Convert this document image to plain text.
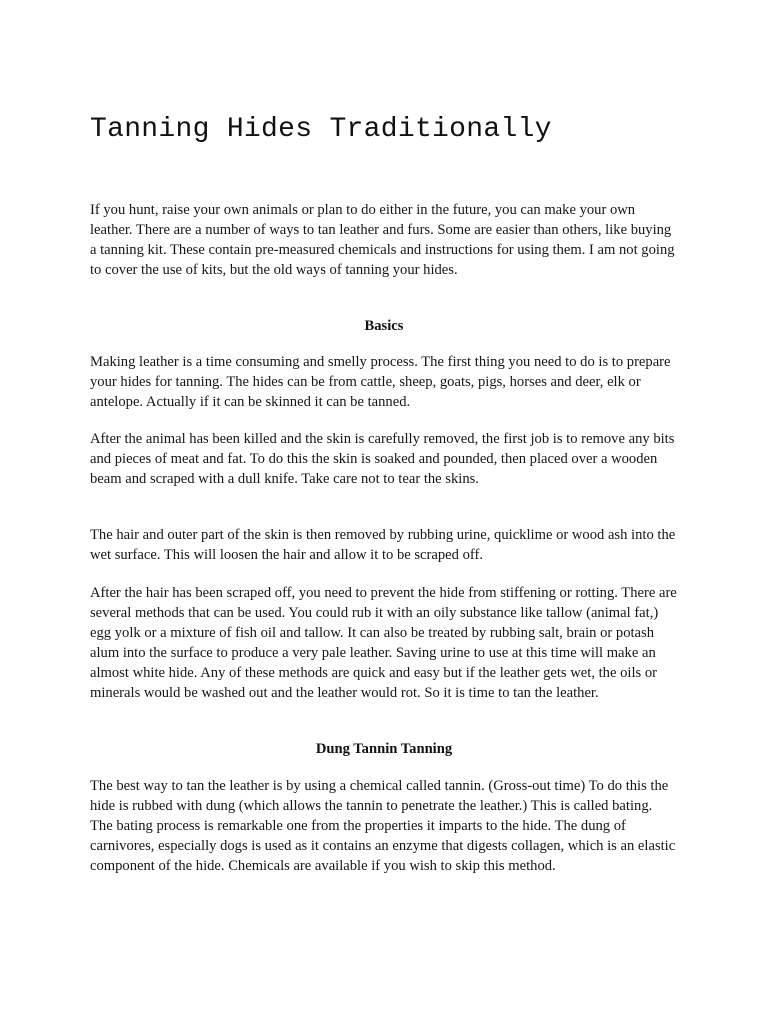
Tanning Hides Traditionally

If you hunt, raise your own animals or plan to do either in the future, you can make your own leather. There are a number of ways to tan leather and furs. Some are easier than others, like buying a tanning kit. These contain pre-measured chemicals and instructions for using them. I am not going to cover the use of kits, but the old ways of tanning your hides.

Basics

Making leather is a time consuming and smelly process. The first thing you need to do is to prepare your hides for tanning. The hides can be from cattle, sheep, goats, pigs, horses and deer, elk or antelope. Actually if it can be skinned it can be tanned.

After the animal has been killed and the skin is carefully removed, the first job is to remove any bits and pieces of meat and fat. To do this the skin is soaked and pounded, then placed over a wooden beam and scraped with a dull knife. Take care not to tear the skins.

The hair and outer part of the skin is then removed by rubbing urine, quicklime or wood ash into the wet surface. This will loosen the hair and allow it to be scraped off.

After the hair has been scraped off, you need to prevent the hide from stiffening or rotting. There are several methods that can be used. You could rub it with an oily substance like tallow (animal fat,) egg yolk or a mixture of fish oil and tallow. It can also be treated by rubbing salt, brain or potash alum into the surface to produce a very pale leather. Saving urine to use at this time will make an almost white hide. Any of these methods are quick and easy but if the leather gets wet, the oils or minerals would be washed out and the leather would rot. So it is time to tan the leather.

Dung Tannin Tanning

The best way to tan the leather is by using a chemical called tannin. (Gross-out time) To do this the hide is rubbed with dung (which allows the tannin to penetrate the leather.) This is called bating. The bating process is remarkable one from the properties it imparts to the hide. The dung of carnivores, especially dogs is used as it contains an enzyme that digests collagen, which is an elastic component of the hide. Chemicals are available if you wish to skip this method.
